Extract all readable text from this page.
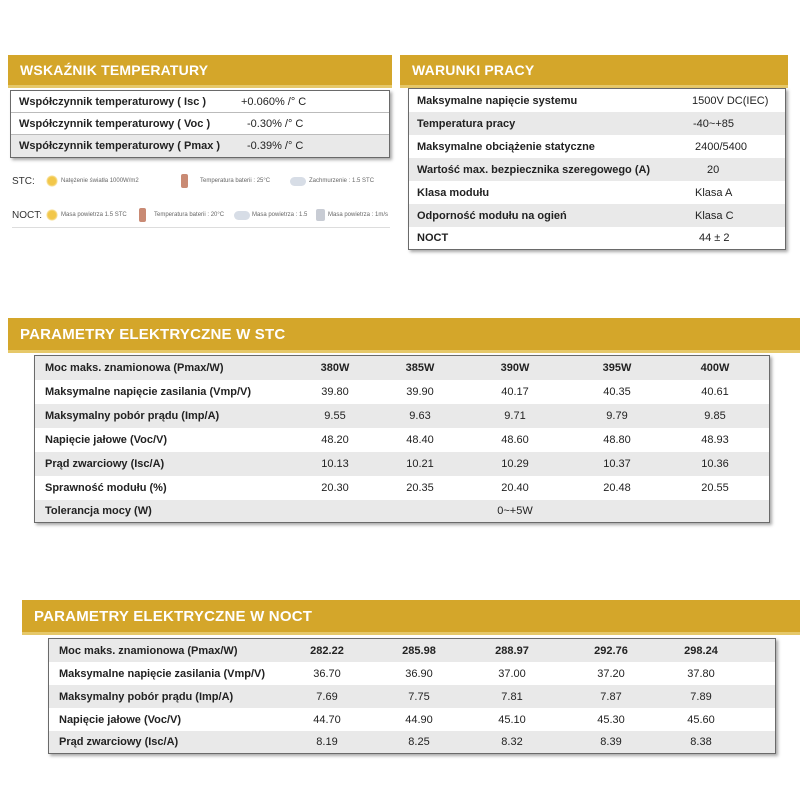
WSKAŹNIK TEMPERATURY
Współczynnik temperaturowy ( Isc )	+0.060% /° C
Współczynnik temperaturowy ( Voc )	-0.30% /° C
Współczynnik temperaturowy ( Pmax ) -0.39% /° C
STC:	Natężenie światła 1000W/m2	Temperatura baterii : 25°C	Zachmurzenie : 1.5 STC
NOCT:	Masa powietrza 1.5 STC	Temperatura baterii : 20°C	Masa powietrza : 1.5	Masa powietrza : 1m/s
WARUNKI PRACY
Maksymalne napięcie systemu	1500V DC(IEC)
Temperatura pracy	-40~+85
Maksymalne obciążenie statyczne	2400/5400
Wartość max. bezpiecznika szeregowego (A)	20
Klasa modułu	Klasa A
Odporność modułu na ogień	Klasa C
NOCT	44 ± 2
PARAMETRY ELEKTRYCZNE W STC
Moc maks. znamionowa (Pmax/W)	380W	385W	390W	395W	400W
Maksymalne napięcie zasilania (Vmp/V)	39.80	39.90	40.17	40.35	40.61
Maksymalny pobór prądu (Imp/A)	9.55	9.63	9.71	9.79	9.85
Napięcie jałowe (Voc/V)	48.20	48.40	48.60	48.80	48.93
Prąd zwarciowy (Isc/A)	10.13	10.21	10.29	10.37	10.36
Sprawność modułu (%)	20.30	20.35	20.40	20.48	20.55
Tolerancja mocy (W)	0~+5W
PARAMETRY ELEKTRYCZNE W NOCT
Moc maks. znamionowa (Pmax/W)	282.22	285.98	288.97	292.76	298.24
Maksymalne napięcie zasilania (Vmp/V)	36.70	36.90	37.00	37.20	37.80
Maksymalny pobór prądu (Imp/A)	7.69	7.75	7.81	7.87	7.89
Napięcie jałowe (Voc/V)	44.70	44.90	45.10	45.30	45.60
Prąd zwarciowy (Isc/A)	8.19	8.25	8.32	8.39	8.38
